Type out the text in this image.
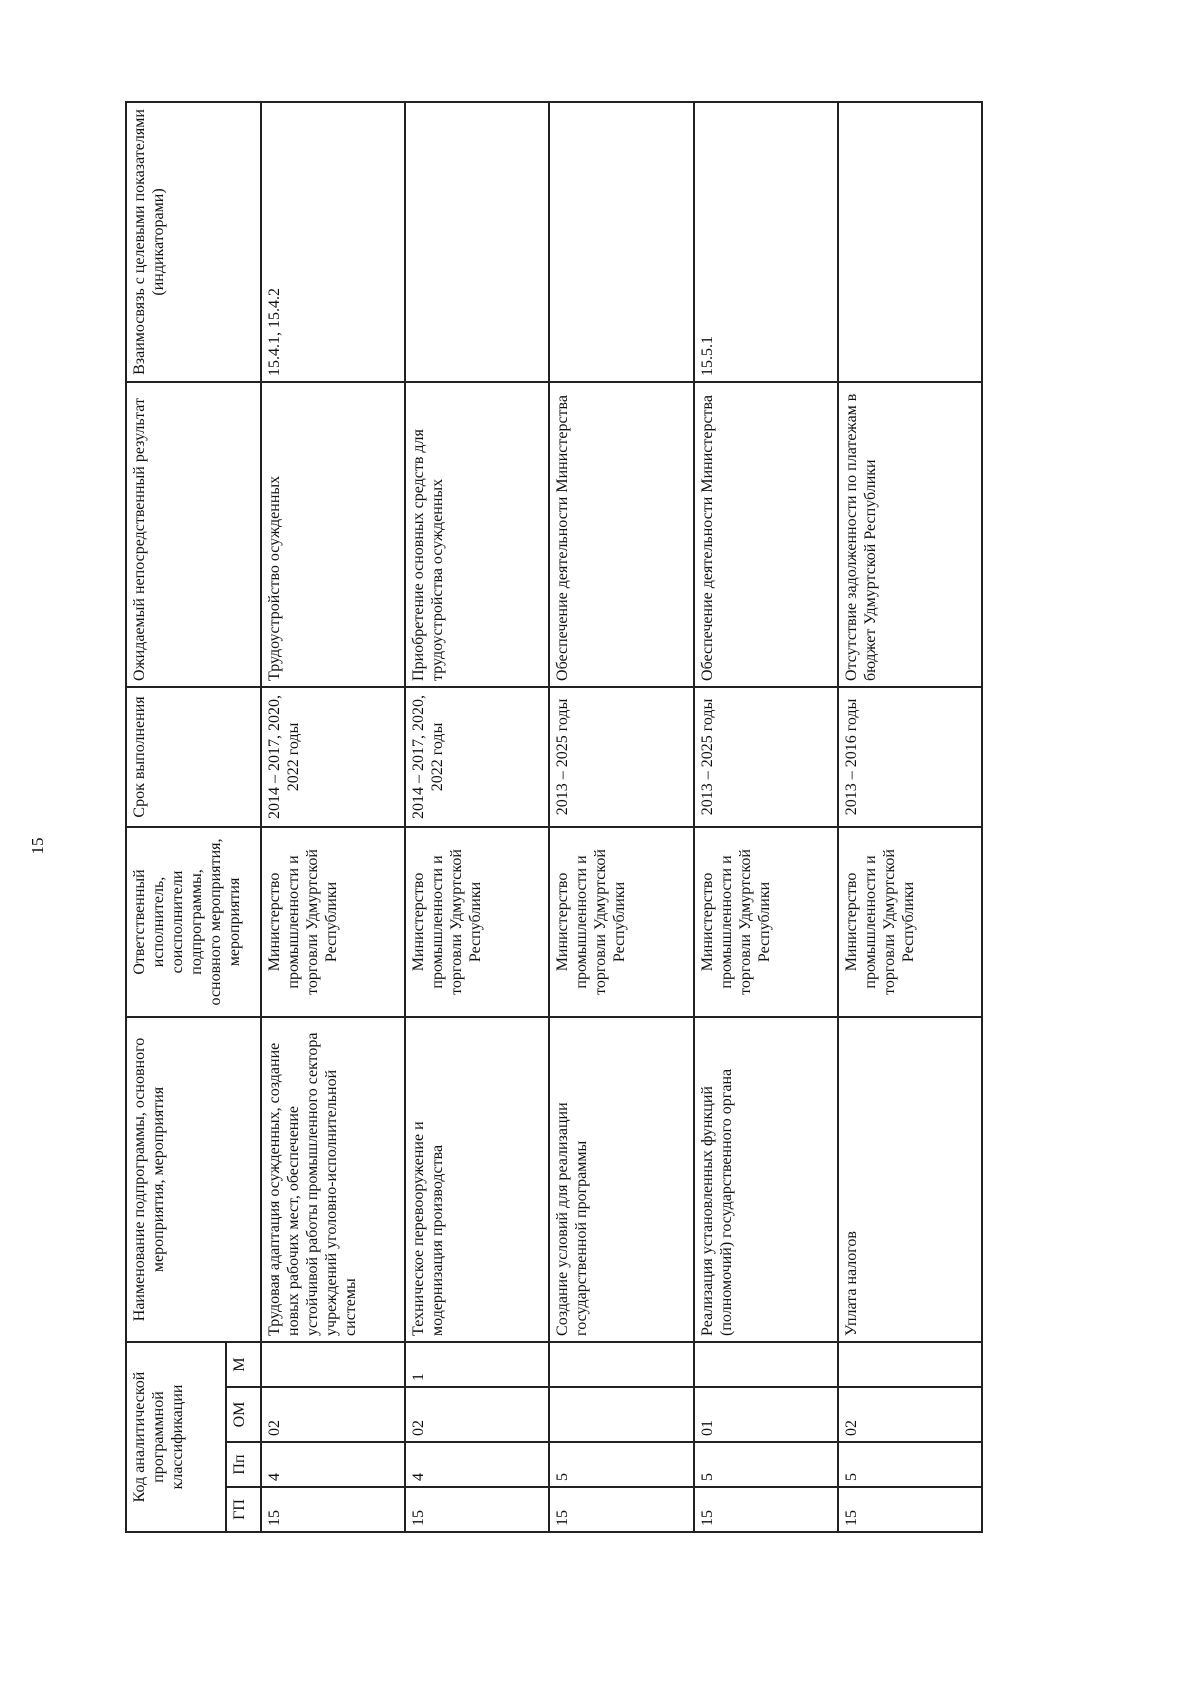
15
Код аналитической программной классификации				Наименование подпрограммы, основного мероприятия, мероприятия	Ответственный исполнитель, соисполнители подпрограммы, основного мероприятия, мероприятия	Срок выполнения	Ожидаемый непосредственный результат	Взаимосвязь с целевыми показателями (индикаторами)
ГП	Пп	ОМ	М					
15	4	02		Трудовая адаптация осужденных, создание новых рабочих мест, обеспечение устойчивой работы промышленного сектора учреждений уголовно-исполнительной системы	Министерство промышленности и торговли Удмуртской Республики	2014 – 2017, 2020, 2022 годы	Трудоустройство осужденных	15.4.1, 15.4.2
15	4	02	1	Техническое перевооружение и модернизация производства	Министерство промышленности и торговли Удмуртской Республики	2014 – 2017, 2020, 2022 годы	Приобретение основных средств для трудоустройства осужденных	
15	5			Создание условий для реализации государственной программы	Министерство промышленности и торговли Удмуртской Республики	2013 – 2025 годы	Обеспечение деятельности Министерства	
15	5	01		Реализация установленных функций (полномочий) государственного органа	Министерство промышленности и торговли Удмуртской Республики	2013 – 2025 годы	Обеспечение деятельности Министерства	15.5.1
15	5	02		Уплата налогов	Министерство промышленности и торговли Удмуртской Республики	2013 – 2016 годы	Отсутствие задолженности по платежам в бюджет Удмуртской Республики	
